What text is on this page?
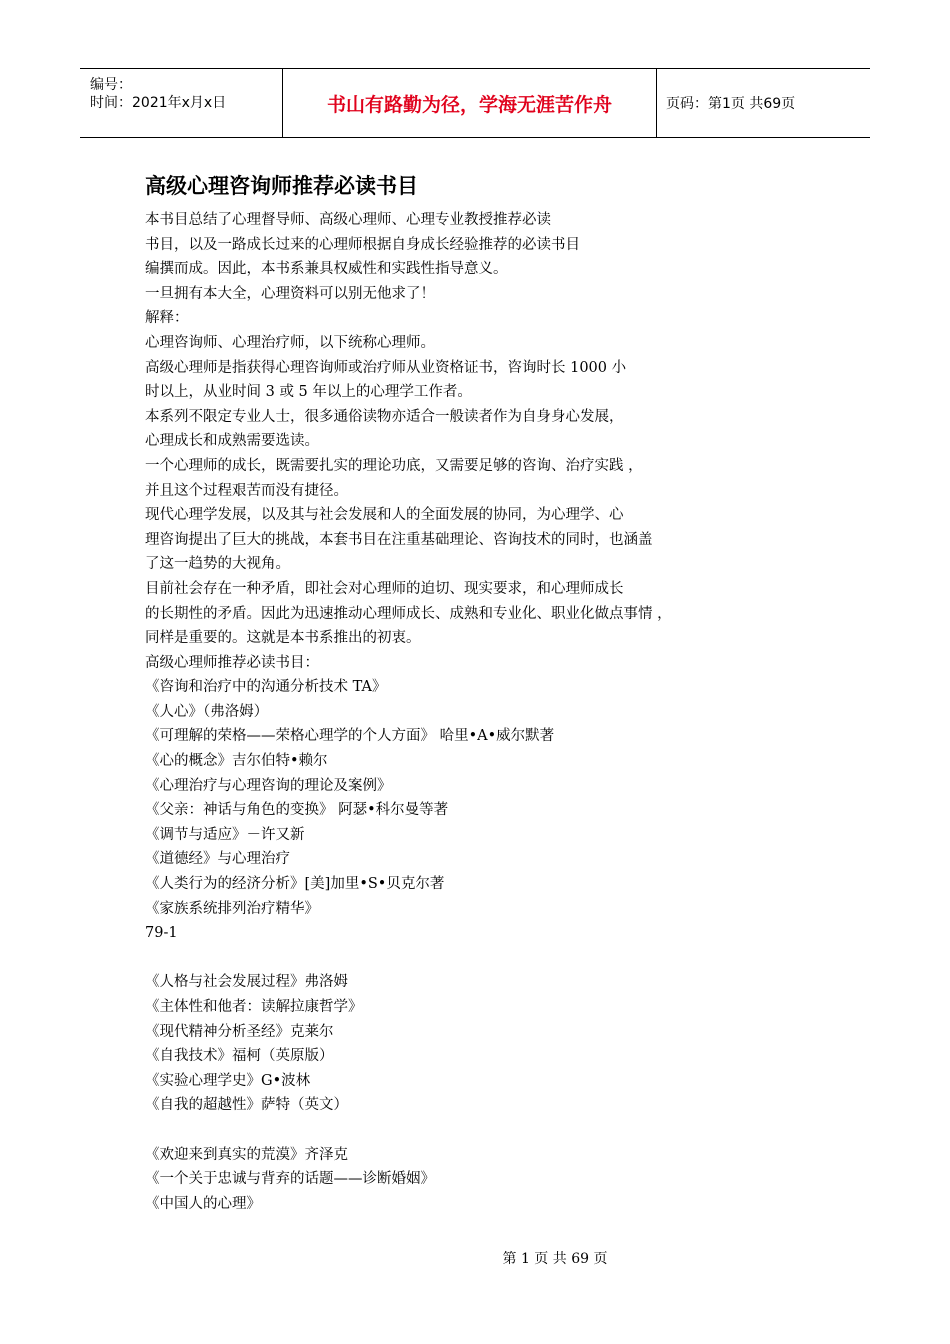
编号：
时间：2021年x月x日	书山有路勤为径，学海无涯苦作舟	页码：第1页 共69页
高级心理咨询师推荐必读书目
本书目总结了心理督导师、高级心理师、心理专业教授推荐必读
书目，以及一路成长过来的心理师根据自身成长经验推荐的必读书目
编撰而成。因此，本书系兼具权威性和实践性指导意义。
一旦拥有本大全，心理资料可以别无他求了！
解释：
心理咨询师、心理治疗师，以下统称心理师。
高级心理师是指获得心理咨询师或治疗师从业资格证书，咨询时长 1000 小
时以上，从业时间 3 或 5 年以上的心理学工作者。
本系列不限定专业人士，很多通俗读物亦适合一般读者作为自身身心发展，
心理成长和成熟需要选读。
一个心理师的成长，既需要扎实的理论功底，又需要足够的咨询、治疗实践 ，
并且这个过程艰苦而没有捷径。
现代心理学发展，以及其与社会发展和人的全面发展的协同，为心理学、心
理咨询提出了巨大的挑战，本套书目在注重基础理论、咨询技术的同时，也涵盖
了这一趋势的大视角。
目前社会存在一种矛盾，即社会对心理师的迫切、现实要求，和心理师成长
的长期性的矛盾。因此为迅速推动心理师成长、成熟和专业化、职业化做点事情 ，
同样是重要的。这就是本书系推出的初衷。
高级心理师推荐必读书目：
《咨询和治疗中的沟通分析技术 TA》
《人心》（弗洛姆）
《可理解的荣格——荣格心理学的个人方面》 哈里•A•威尔默著
《心的概念》吉尔伯特•赖尔
《心理治疗与心理咨询的理论及案例》
《父亲：神话与角色的变换》 阿瑟•科尔曼等著
《调节与适应》－许又新
《道德经》与心理治疗
《人类行为的经济分析》[美]加里•S•贝克尔著
《家族系统排列治疗精华》
79-1
《人格与社会发展过程》弗洛姆
《主体性和他者：读解拉康哲学》
《现代精神分析圣经》克莱尔
《自我技术》福柯（英原版）
《实验心理学史》G•波林
《自我的超越性》萨特（英文）
《欢迎来到真实的荒漠》齐泽克
《一个关于忠诚与背弃的话题——诊断婚姻》
《中国人的心理》
第 1 页 共 69 页
